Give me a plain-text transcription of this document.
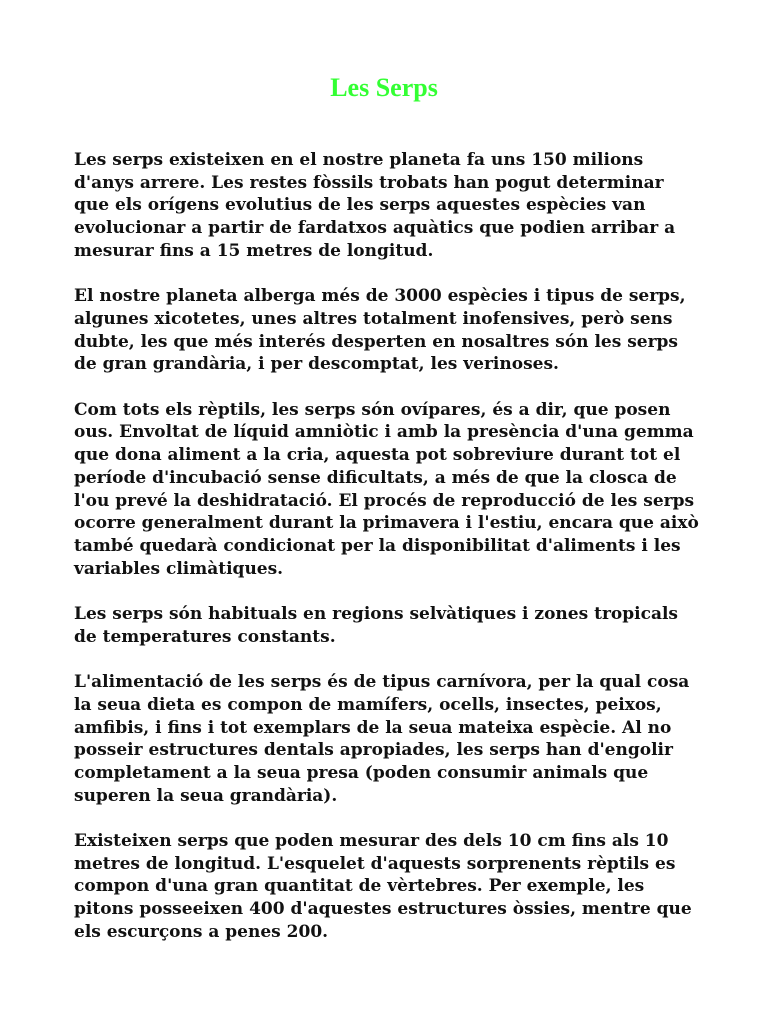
Les Serps

Les serps existeixen en el nostre planeta fa uns 150 milions d'anys arrere. Les restes fòssils trobats han pogut determinar que els orígens evolutius de les serps aquestes espècies van evolucionar a partir de fardatxos aquàtics que podien arribar a mesurar fins a 15 metres de longitud.

El nostre planeta alberga més de 3000 espècies i tipus de serps, algunes xicotetes, unes altres totalment inofensives, però sens dubte, les que més interés desperten en nosaltres són les serps de gran grandària, i per descomptat, les verinoses.

Com tots els rèptils, les serps són ovípares, és a dir, que posen ous. Envoltat de líquid amniòtic i amb la presència d'una gemma que dona aliment a la cria, aquesta pot sobreviure durant tot el període d'incubació sense dificultats, a més de que la closca de l'ou prevé la deshidratació. El procés de reproducció de les serps ocorre generalment durant la primavera i l'estiu, encara que això també quedarà condicionat per la disponibilitat d'aliments i les variables climàtiques.

Les serps són habituals en regions selvàtiques i zones tropicals de temperatures constants.

L'alimentació de les serps és de tipus carnívora, per la qual cosa la seua dieta es compon de mamífers, ocells, insectes, peixos, amfibis, i fins i tot exemplars de la seua mateixa espècie. Al no posseir estructures dentals apropiades, les serps han d'engolir completament a la seua presa (poden consumir animals que superen la seua grandària).

Existeixen serps que poden mesurar des dels 10 cm fins als 10 metres de longitud. L'esquelet d'aquests sorprenents rèptils es compon d'una gran quantitat de vèrtebres. Per exemple, les pitons posseeixen 400 d'aquestes estructures òssies, mentre que els escurçons a penes 200.
